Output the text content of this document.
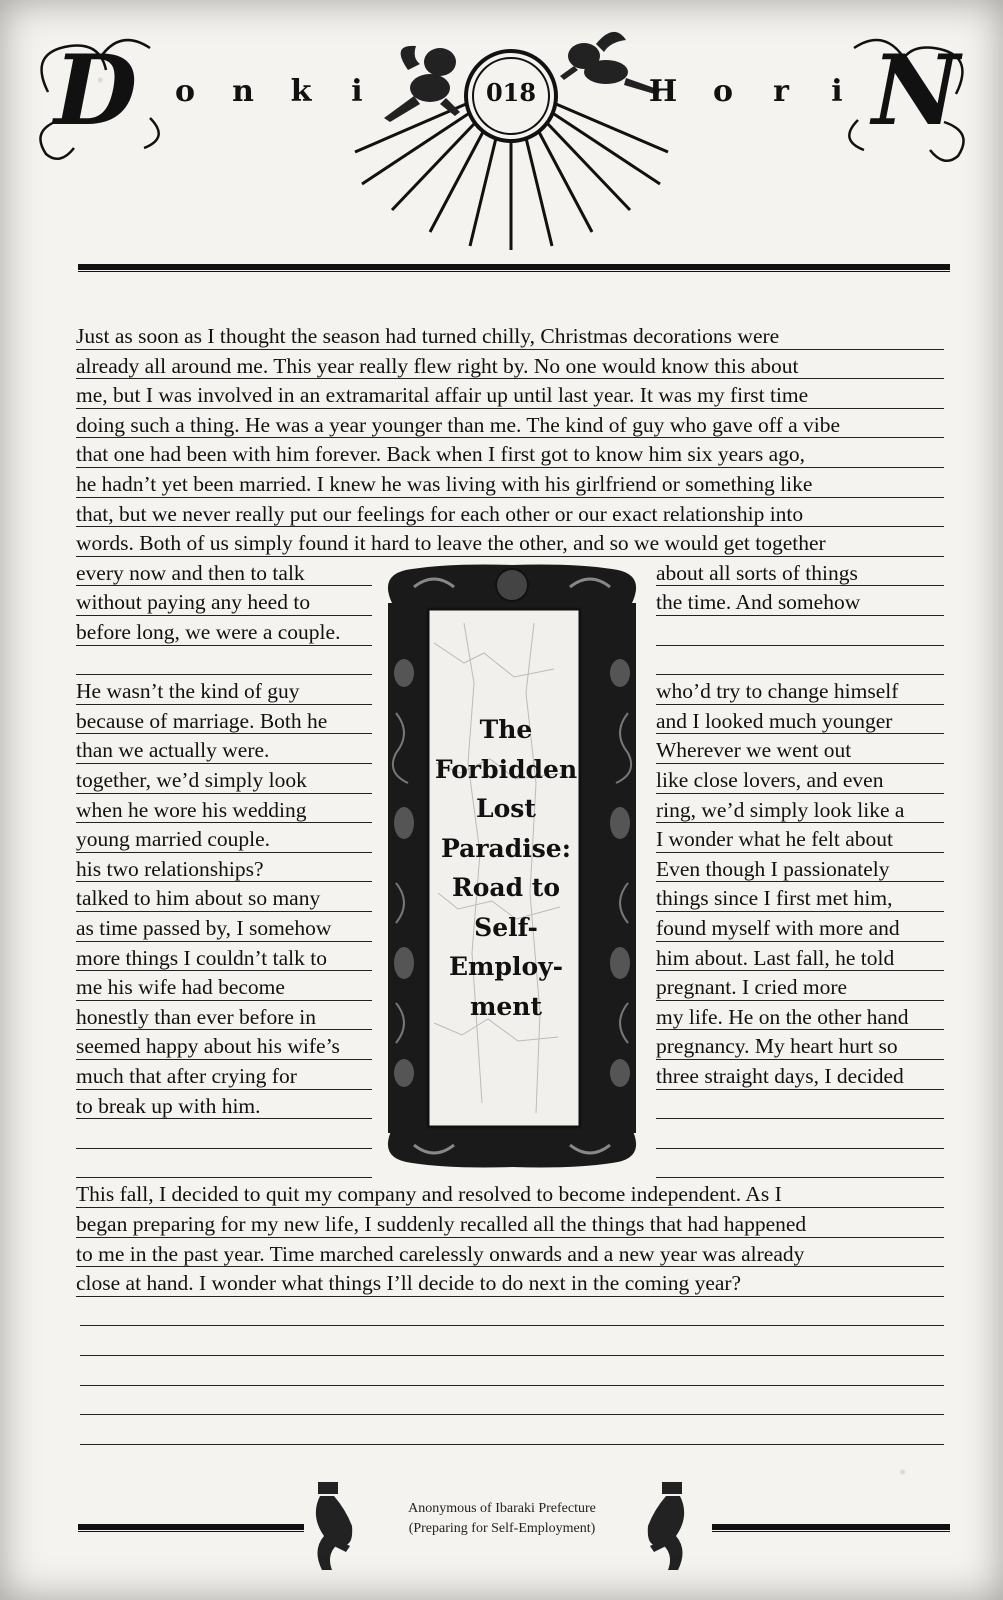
D o n k	i	018	H o r	i N
Just as soon as I thought the season had turned chilly, Christmas decorations were
already all around me. This year really flew right by. No one would know this about
me, but I was involved in an extramarital affair up until last year. It was my first time
doing such a thing. He was a year younger than me. The kind of guy who gave off a vibe
that one had been with him forever. Back when I first got to know him six years ago,
he hadn’t yet been married. I knew he was living with his girlfriend or something like
that, but we never really put our feelings for each other or our exact relationship into
words. Both of us simply found it hard to leave the other, and so we would get together
every now and then to talk
without paying any heed to
before long, we were a couple.
He wasn’t the kind of guy
because of marriage. Both he
than we actually were.
together, we’d simply look
when he wore his wedding
young married couple.
his two relationships?
talked to him about so many
as time passed by, I somehow
more things I couldn’t talk to
me his wife had become
honestly than ever before in
seemed happy about his wife’s
much that after crying for
to break up with him.
about all sorts of things
the time. And somehow
who’d try to change himself
and I looked much younger
Wherever we went out
like close lovers, and even
ring, we’d simply look like a
I wonder what he felt about
Even though I passionately
things since I first met him,
found myself with more and
him about. Last fall, he told
pregnant. I cried more
my life. He on the other hand
pregnancy. My heart hurt so
three straight days, I decided
The
Forbidden
Lost
Paradise:
Road to
Self-
Employ-
ment
This fall, I decided to quit my company and resolved to become independent. As I
began preparing for my new life, I suddenly recalled all the things that had happened
to me in the past year. Time marched carelessly onwards and a new year was already
close at hand. I wonder what things I’ll decide to do next in the coming year?
Anonymous of Ibaraki Prefecture
(Preparing for Self-Employment)
